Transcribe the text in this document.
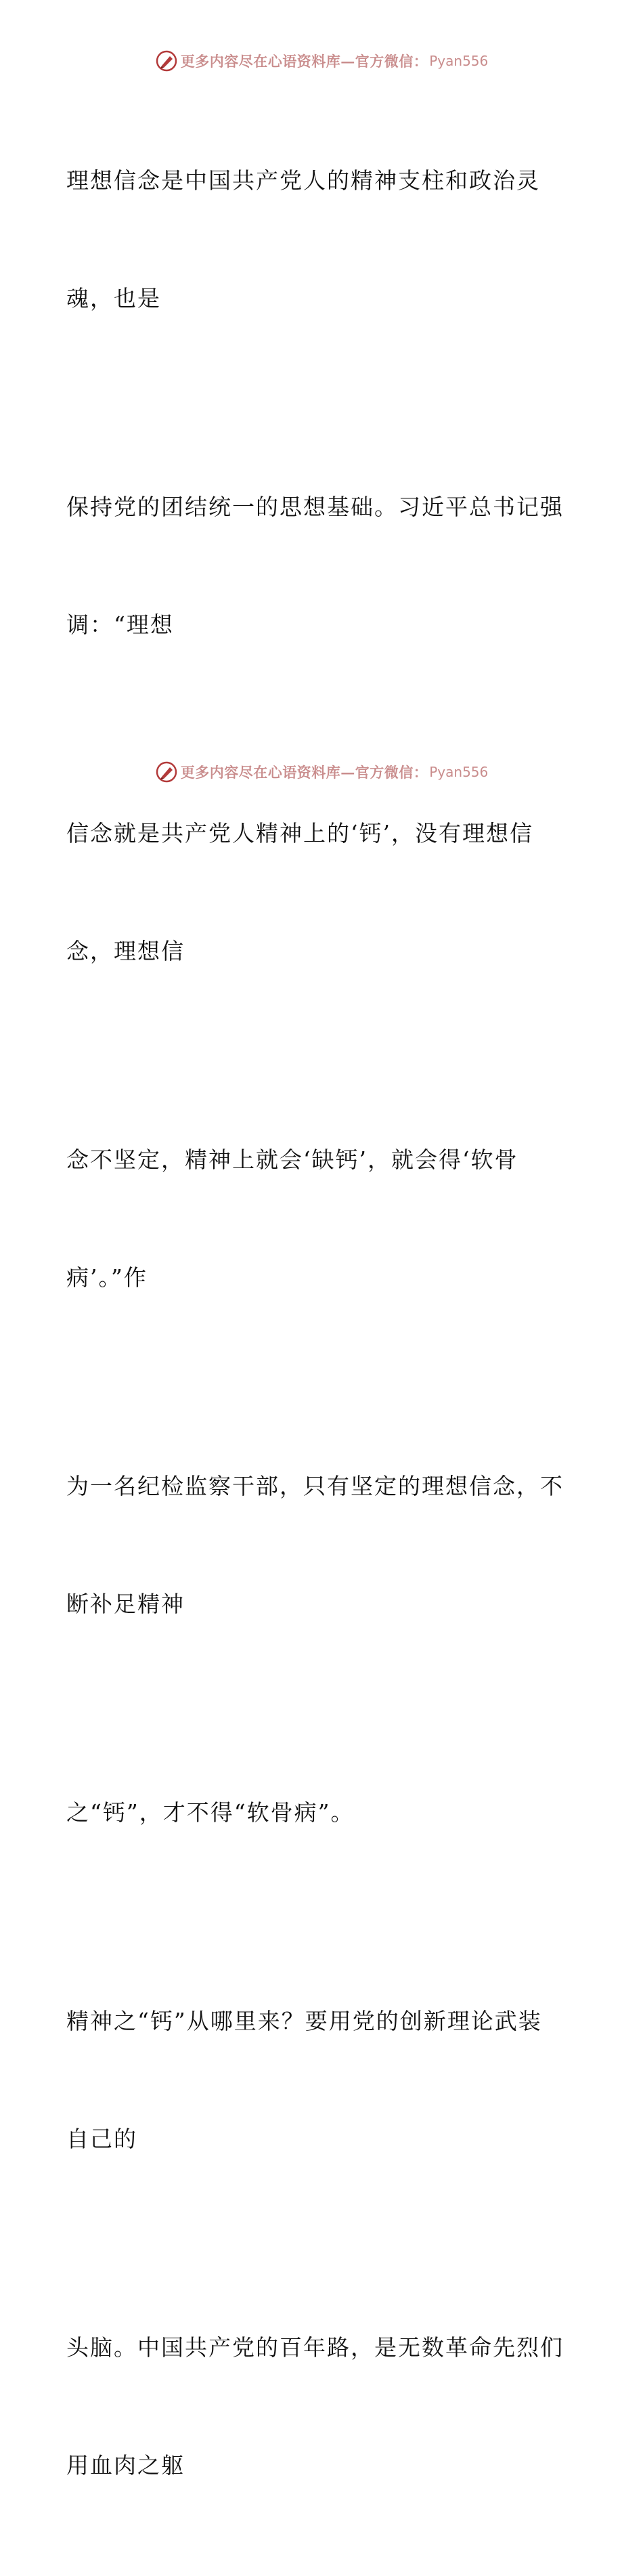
更多内容尽在心语资料库— 官方微信： Pyan556

理想信念是中国共产党人的精神支柱和政治灵

魂，也是

保持党的团结统一的思想基础。习近平总书记强

调：“理想

信念就是共产党人精神上的‘钙’，没有理想信

念，理想信

念不坚定，精神上就会‘缺钙’，就会得‘软骨

病’。”作

为一名纪检监察干部，只有坚定的理想信念，不

断补足精神

之“钙”，才不得“软骨病”。

精神之“钙”从哪里来？要用党的创新理论武装

自己的

头脑。中国共产党的百年路，是无数革命先烈们

用血肉之躯

更多内容尽在心语资料库— 官方微信： Pyan556
